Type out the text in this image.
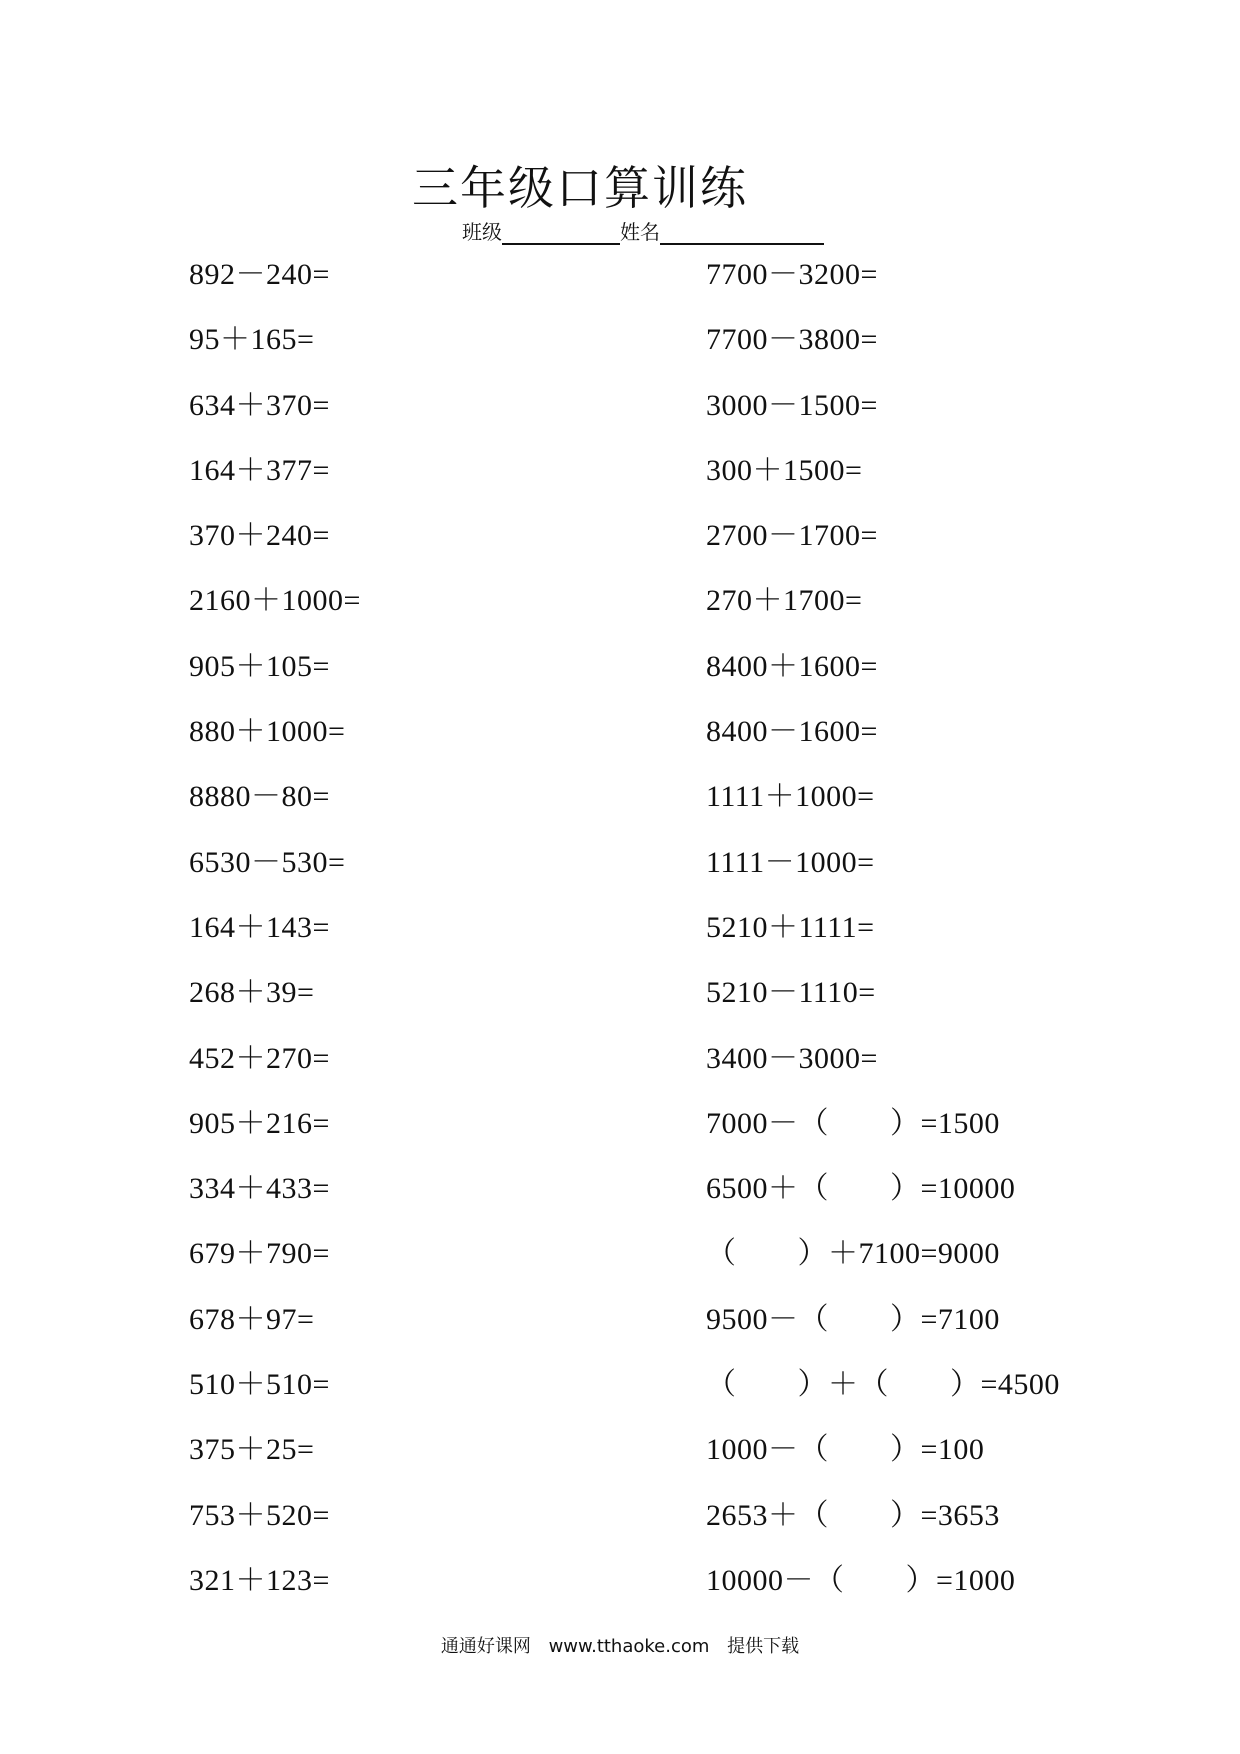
三年级口算训练
班级	姓名
892－240=
95＋165=
634＋370=
164＋377=
370＋240=
2160＋1000=
905＋105=
880＋1000=
8880－80=
6530－530=
164＋143=
268＋39=
452＋270=
905＋216=
334＋433=
679＋790=
678＋97=
510＋510=
375＋25=
753＋520=
321＋123=
7700－3200=
7700－3800=
3000－1500=
300＋1500=
2700－1700=
270＋1700=
8400＋1600=
8400－1600=
1111＋1000=
1111－1000=
5210＋1111=
5210－1110=
3400－3000=
7000－（　　）=1500
6500＋（　　）=10000
（　　）＋7100=9000
9500－（　　）=7100
（　　）＋（　　）=4500
1000－（　　）=100
2653＋（　　）=3653
10000－（　　）=1000
通通好课网 www.tthaoke.com 提供下载
